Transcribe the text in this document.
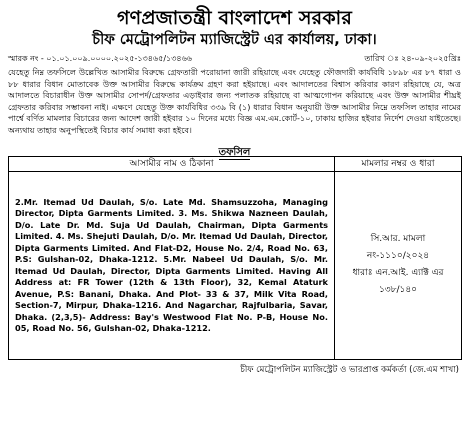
গণপ্রজাতন্ত্রী বাংলাদেশ সরকার
চীফ মেট্রোপলিটন ম্যাজিস্ট্রেট এর কার্যালয়, ঢাকা।
স্মারক নং - ০১.০১.০০৯.০০০০.২০২৫-১৩৪৬৫/১৩৪৬৬	তারিখ ঃ ২৪-০৯-২০২৫খ্রিঃ

যেহেতু নিম্ন তফসিলে উল্লেখিত আসামীর বিরুদ্ধে গ্রেফতারী পরোয়ানা জারী রহিয়াছে এবং যেহেতু ফৌজদারী কার্যবিধি ১৮৯৮ এর ৮৭ ধারা ও ৮৮ ধারার বিধান মোতাবেক উক্ত আসামীর বিরুদ্ধে কার্যক্রম গ্রহণ করা হইয়াছে। এবং আদালতের বিশ্বাস করিবার কারণ রহিয়াছে যে, অত্র আদালতে বিচারাধীন উক্ত আসামীর সোপর্দ/গ্রেফতার এড়াইবার জন্য পলাতক রহিয়াছে বা আত্মগোপন করিয়াছে এবং উক্ত আসামীর শীঘ্রই গ্রেফতার করিবার সম্ভাবনা নাই। এক্ষণে যেহেতু উক্ত কার্যবিধির ৩৩৯ বি (১) ধারার বিধান অনুযায়ী উক্ত আসামীর নিম্নে তফসিল তাহার নামের পার্শ্বে বর্ণিত মামলার বিচারের জন্য আদেশ জারী হইবার ১০ দিনের মধ্যে বিজ্ঞ এম.এম.কোর্ট-১০, ঢাকায় হাজির হইবার নির্দেশ দেওয়া যাইতেছে। অন্যথায় তাহার অনুপস্থিতেই বিচার কার্য সমাধা করা হইবে।

তফসিল
আসামীর নাম ও ঠিকানা	মামলার নম্বর ও ধারা
2.Mr. Itemad Ud Daulah, S/o. Late Md. Shamsuzzoha, Managing Director, Dipta Garments Limited. 3. Ms. Shikwa Nazneen Daulah, D/o. Late Dr. Md. Suja Ud Daulah, Chairman, Dipta Garments Limited. 4. Ms. Shejuti Daulah, D/o. Mr. Itemad Ud Daulah, Director, Dipta Garments Limited. And Flat-D2, House No. 2/4, Road No. 63, P.S: Gulshan-02, Dhaka-1212. 5.Mr. Nabeel Ud Daulah, S/o. Mr. Itemad Ud Daulah, Director, Dipta Garments Limited. Having All Address at: FR Tower (12th & 13th Floor), 32, Kemal Ataturk Avenue, P.S: Banani, Dhaka. And Plot- 33 & 37, Milk Vita Road, Section-7, Mirpur, Dhaka-1216. And Nagarchar, Rajfulbaria, Savar, Dhaka. (2,3,5)- Address: Bay's Westwood Flat No. P-B, House No. 05, Road No. 56, Gulshan-02, Dhaka-1212.	সি.আর. মামলা নং-১১১০/২০২৪
ধারাঃ এন.আই. এ্যাক্ট এর ১৩৮/১৪০
চীফ মেট্রোপলিটন ম্যাজিস্ট্রেট ও ভারপ্রাপ্ত কর্মকর্তা (জে.এম শাখা)
